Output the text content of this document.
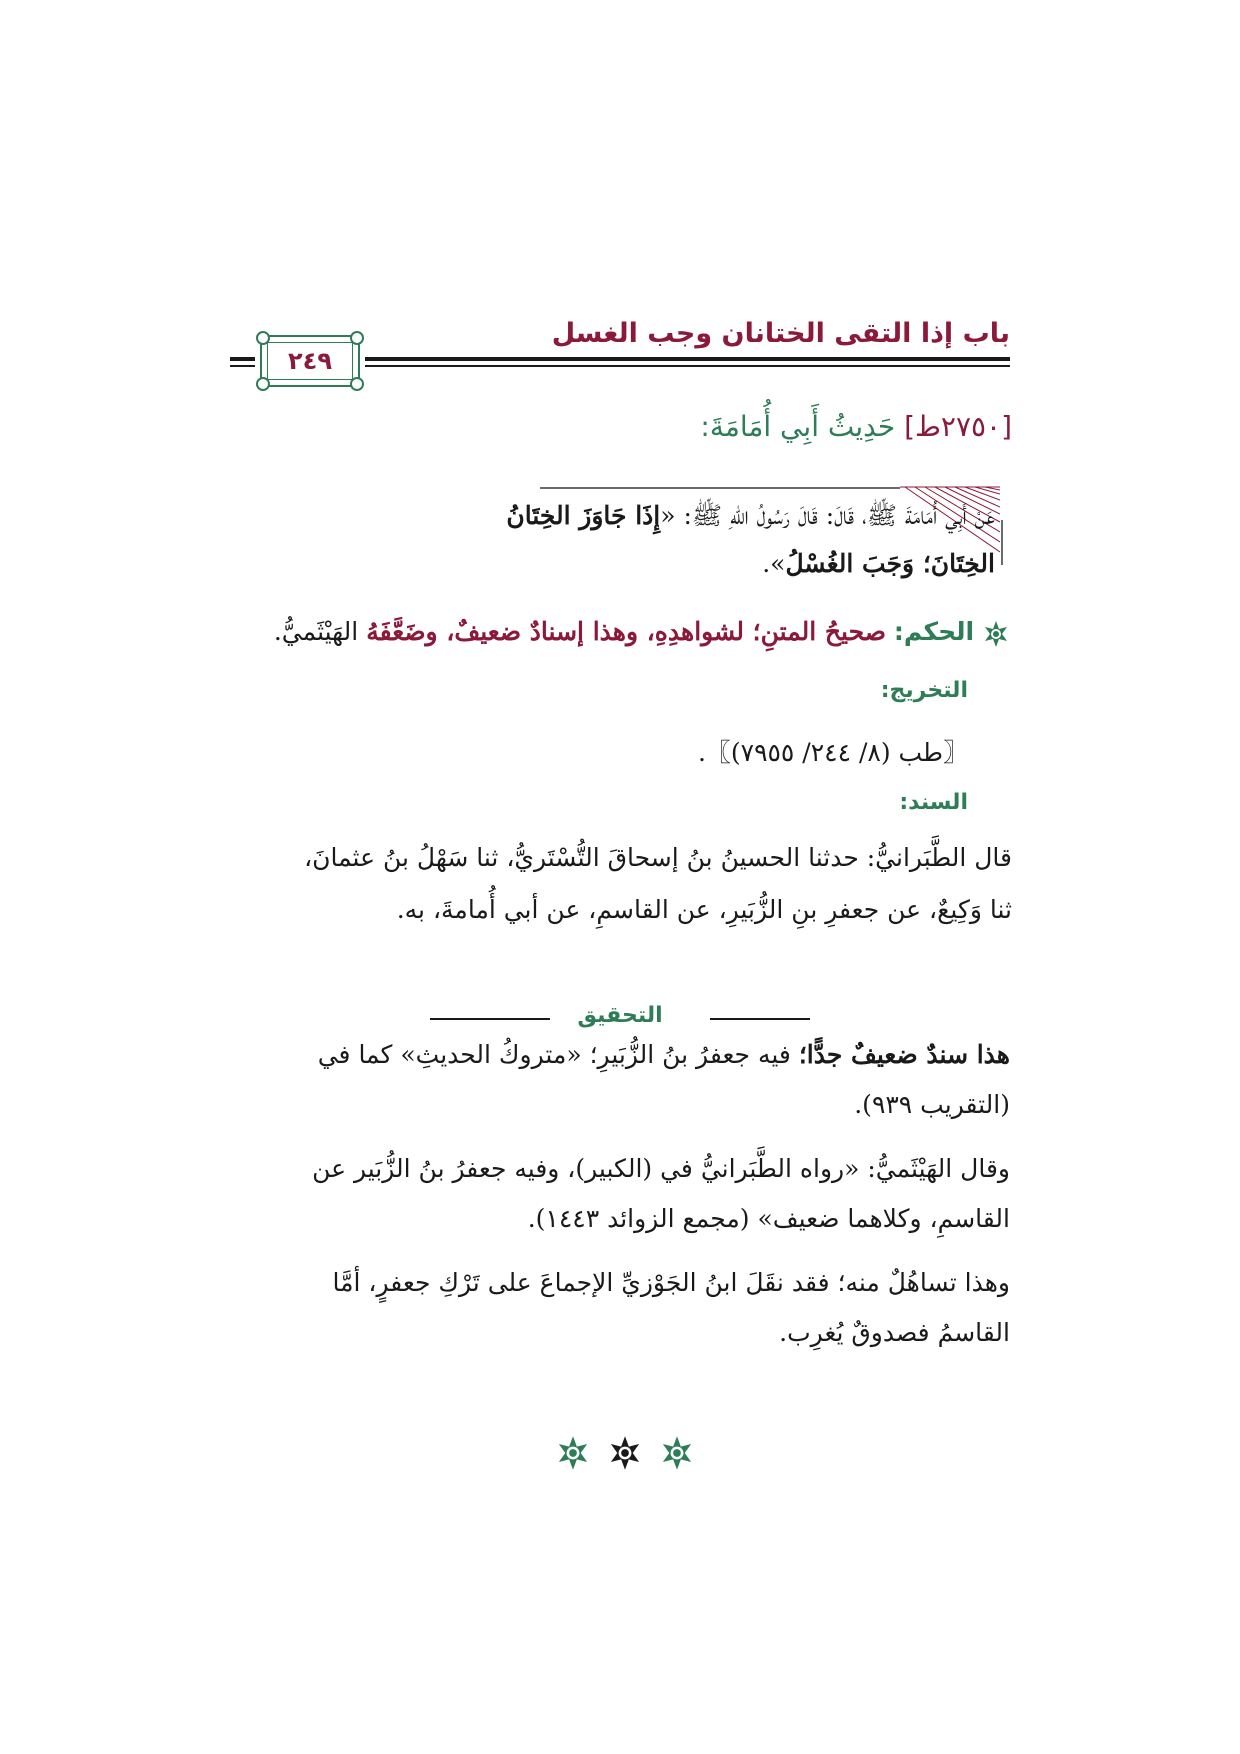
باب إذا التقى الختانان وجب الغسل
٢٤٩
[٢٧٥٠ط] حَدِيثُ أَبِي أُمَامَةَ:
عَنْ أَبِي أُمَامَةَ ﷺ، قَالَ: قَالَ رَسُولُ اللهِ ﷺ: «إِذَا جَاوَزَ الخِتَانُ
الخِتَانَ؛ وَجَبَ الغُسْلُ».
الحكم: صحيحُ المتنِ؛ لشواهدِهِ، وهذا إسنادٌ ضعيفٌ، وضَعَّفَهُ الهَيْثَميُّ.
التخريج:
〖طب (٨/ ٢٤٤/ ٧٩٥٥)〗.
السند:
قال الطَّبَرانيُّ: حدثنا الحسينُ بنُ إسحاقَ التُّسْتَريُّ، ثنا سَهْلُ بنُ عثمانَ،
ثنا وَكِيعٌ، عن جعفرِ بنِ الزُّبَيرِ، عن القاسمِ، عن أبي أُمامةَ، به.
التحقيق
هذا سندٌ ضعيفٌ جدًّا؛ فيه جعفرُ بنُ الزُّبَيرِ؛ «متروكُ الحديثِ» كما في
(التقريب ٩٣٩).
وقال الهَيْثَميُّ: «رواه الطَّبَرانيُّ في (الكبير)، وفيه جعفرُ بنُ الزُّبَير عن
القاسمِ، وكلاهما ضعيف» (مجمع الزوائد ١٤٤٣).
وهذا تساهُلٌ منه؛ فقد نقَلَ ابنُ الجَوْزيِّ الإجماعَ على تَرْكِ جعفرٍ، أمَّا
القاسمُ فصدوقٌ يُغرِب.
